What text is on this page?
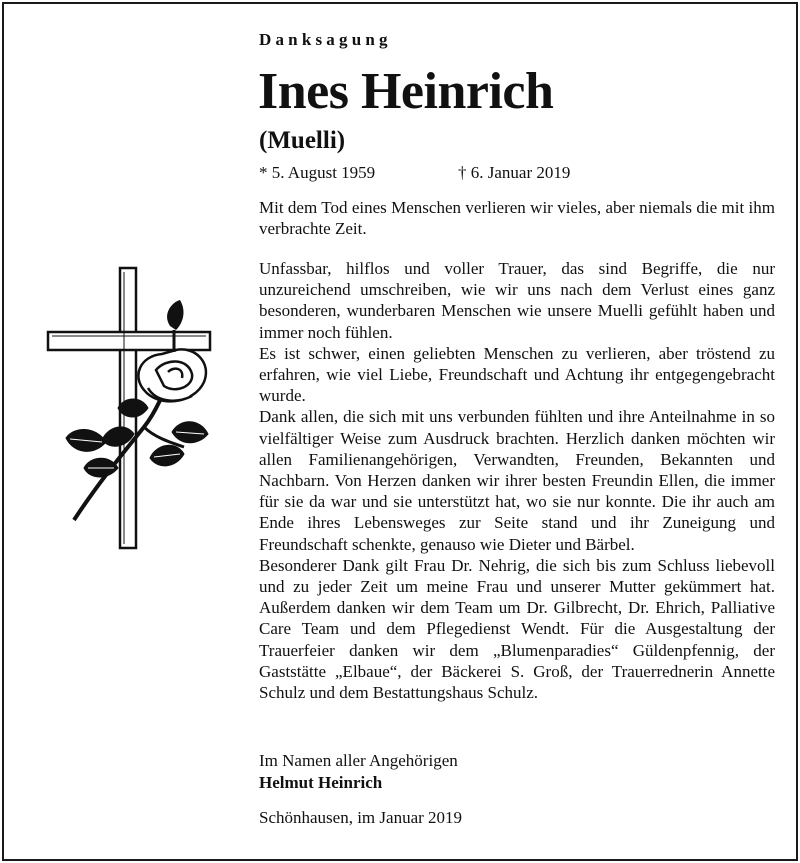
Danksagung
Ines Heinrich
(Muelli)
* 5. August 1959	† 6. Januar 2019
Mit dem Tod eines Menschen verlieren wir vieles, aber niemals die mit ihm verbrachte Zeit.

Unfassbar, hilflos und voller Trauer, das sind Begriffe, die nur unzureichend umschreiben, wie wir uns nach dem Verlust eines ganz besonderen, wunderbaren Menschen wie unsere Muelli gefühlt haben und immer noch fühlen.

Es ist schwer, einen geliebten Menschen zu verlieren, aber tröstend zu erfahren, wie viel Liebe, Freundschaft und Achtung ihr entgegengebracht wurde.

Dank allen, die sich mit uns verbunden fühlten und ihre Anteilnahme in so vielfältiger Weise zum Ausdruck brachten. Herzlich danken möchten wir allen Familienangehörigen, Verwandten, Freunden, Bekannten und Nachbarn. Von Herzen danken wir ihrer besten Freundin Ellen, die immer für sie da war und sie unterstützt hat, wo sie nur konnte. Die ihr auch am Ende ihres Lebensweges zur Seite stand und ihr Zuneigung und Freundschaft schenkte, genauso wie Dieter und Bärbel.

Besonderer Dank gilt Frau Dr. Nehrig, die sich bis zum Schluss liebevoll und zu jeder Zeit um meine Frau und unserer Mutter gekümmert hat. Außerdem danken wir dem Team um Dr. Gilbrecht, Dr. Ehrich, Palliative Care Team und dem Pflegedienst Wendt. Für die Ausgestaltung der Trauerfeier danken wir dem „Blumenparadies“ Güldenpfennig, der Gaststätte „Elbaue“, der Bäckerei S. Groß, der Trauerrednerin Annette Schulz und dem Bestattungshaus Schulz.

Im Namen aller Angehörigen
Helmut Heinrich
Schönhausen, im Januar 2019
